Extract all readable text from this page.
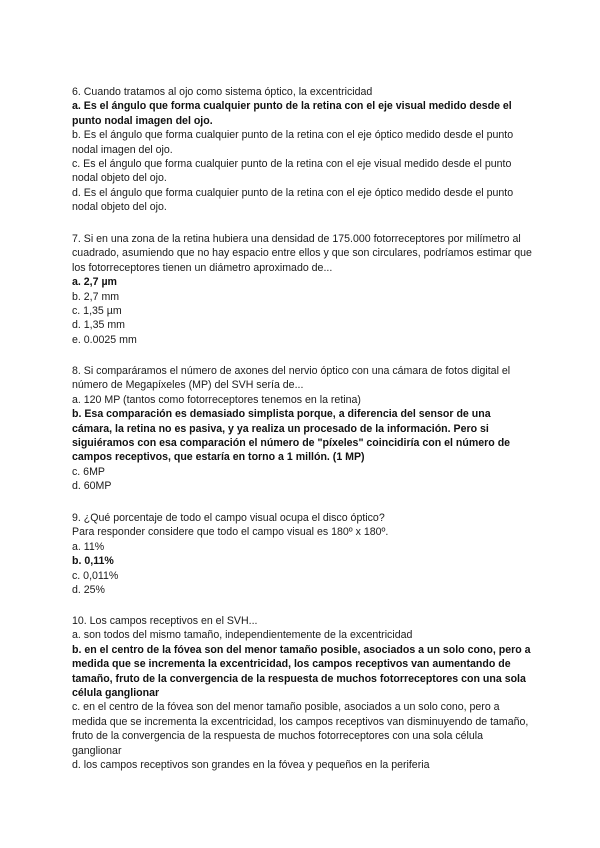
6. Cuando tratamos al ojo como sistema óptico, la excentricidad

a. Es el ángulo que forma cualquier punto de la retina con el eje visual medido desde el punto nodal imagen del ojo.

b. Es el ángulo que forma cualquier punto de la retina con el eje óptico medido desde el punto nodal imagen del ojo.

c. Es el ángulo que forma cualquier punto de la retina con el eje visual medido desde el punto nodal objeto del ojo.

d. Es el ángulo que forma cualquier punto de la retina con el eje óptico medido desde el punto nodal objeto del ojo.

7. Si en una zona de la retina hubiera una densidad de 175.000 fotorreceptores por milímetro al cuadrado, asumiendo que no hay espacio entre ellos y que son circulares, podríamos estimar que los fotorreceptores tienen un diámetro aproximado de...

a. 2,7 µm

b. 2,7 mm

c. 1,35 µm

d. 1,35 mm

e. 0.0025 mm

8. Si comparáramos el número de axones del nervio óptico con una cámara de fotos digital el número de Megapíxeles (MP) del SVH sería de...

a. 120 MP (tantos como fotorreceptores tenemos en la retina)

b. Esa comparación es demasiado simplista porque, a diferencia del sensor de una cámara, la retina no es pasiva, y ya realiza un procesado de la información. Pero si siguiéramos con esa comparación el número de "píxeles" coincidiría con el número de campos receptivos, que estaría en torno a 1 millón. (1 MP)

c. 6MP

d. 60MP

9. ¿Qué porcentaje de todo el campo visual ocupa el disco óptico?

Para responder considere que todo el campo visual es 180º x 180º.

a. 11%

b. 0,11%

c. 0,011%

d. 25%

10. Los campos receptivos en el SVH...

a. son todos del mismo tamaño, independientemente de la excentricidad

b. en el centro de la fóvea son del menor tamaño posible, asociados a un solo cono, pero a medida que se incrementa la excentricidad, los campos receptivos van aumentando de tamaño, fruto de la convergencia de la respuesta de muchos fotorreceptores con una sola célula ganglionar

c. en el centro de la fóvea son del menor tamaño posible, asociados a un solo cono, pero a medida que se incrementa la excentricidad, los campos receptivos van disminuyendo de tamaño, fruto de la convergencia de la respuesta de muchos fotorreceptores con una sola célula ganglionar

d. los campos receptivos son grandes en la fóvea y pequeños en la periferia
